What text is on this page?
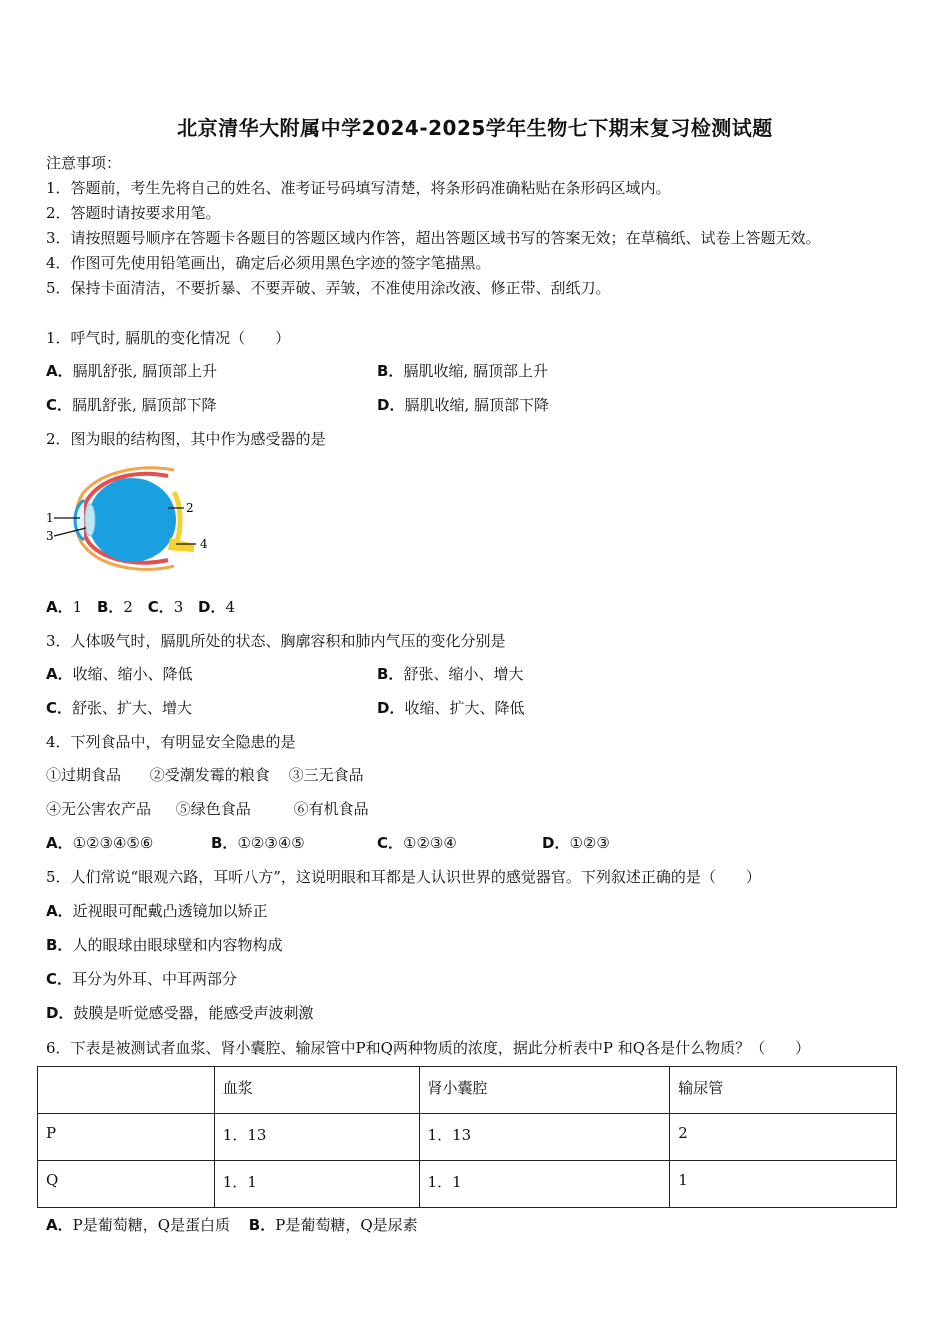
北京清华大附属中学2024-2025学年生物七下期末复习检测试题
注意事项：
1．答题前，考生先将自己的姓名、准考证号码填写清楚，将条形码准确粘贴在条形码区域内。
2．答题时请按要求用笔。
3．请按照题号顺序在答题卡各题目的答题区域内作答，超出答题区域书写的答案无效；在草稿纸、试卷上答题无效。
4．作图可先使用铅笔画出，确定后必须用黑色字迹的签字笔描黑。
5．保持卡面清洁，不要折暴、不要弄破、弄皱，不准使用涂改液、修正带、刮纸刀。
1．呼气时, 膈肌的变化情况（　　）
A．膈肌舒张, 膈顶部上升	B．膈肌收缩, 膈顶部上升
C．膈肌舒张, 膈顶部下降	D．膈肌收缩, 膈顶部下降
2．图为眼的结构图，其中作为感受器的是
1
3
2
4
A．1 B．2 C．3 D．4
3．人体吸气时，膈肌所处的状态、胸廓容积和肺内气压的变化分别是
A．收缩、缩小、降低	B．舒张、缩小、增大
C．舒张、扩大、增大	D．收缩、扩大、降低
4．下列食品中，有明显安全隐患的是
①过期食品 ②受潮发霉的粮食 ③三无食品
④无公害农产品 ⑤绿色食品	⑥有机食品
A．①②③④⑤⑥	B．①②③④⑤	C．①②③④	D．①②③
5．人们常说“眼观六路，耳听八方”，这说明眼和耳都是人认识世界的感觉器官。下列叙述正确的是（　　）
A．近视眼可配戴凸透镜加以矫正
B．人的眼球由眼球壁和内容物构成
C．耳分为外耳、中耳两部分
D．鼓膜是听觉感受器，能感受声波刺激
6．下表是被测试者血浆、肾小囊腔、输尿管中P和Q两种物质的浓度，据此分析表中P 和Q各是什么物质？（　　）
	血浆	肾小囊腔	输尿管
P	1．13	1．13	2
Q	1．1	1．1	1
A．P是葡萄糖，Q是蛋白质 B．P是葡萄糖，Q是尿素
